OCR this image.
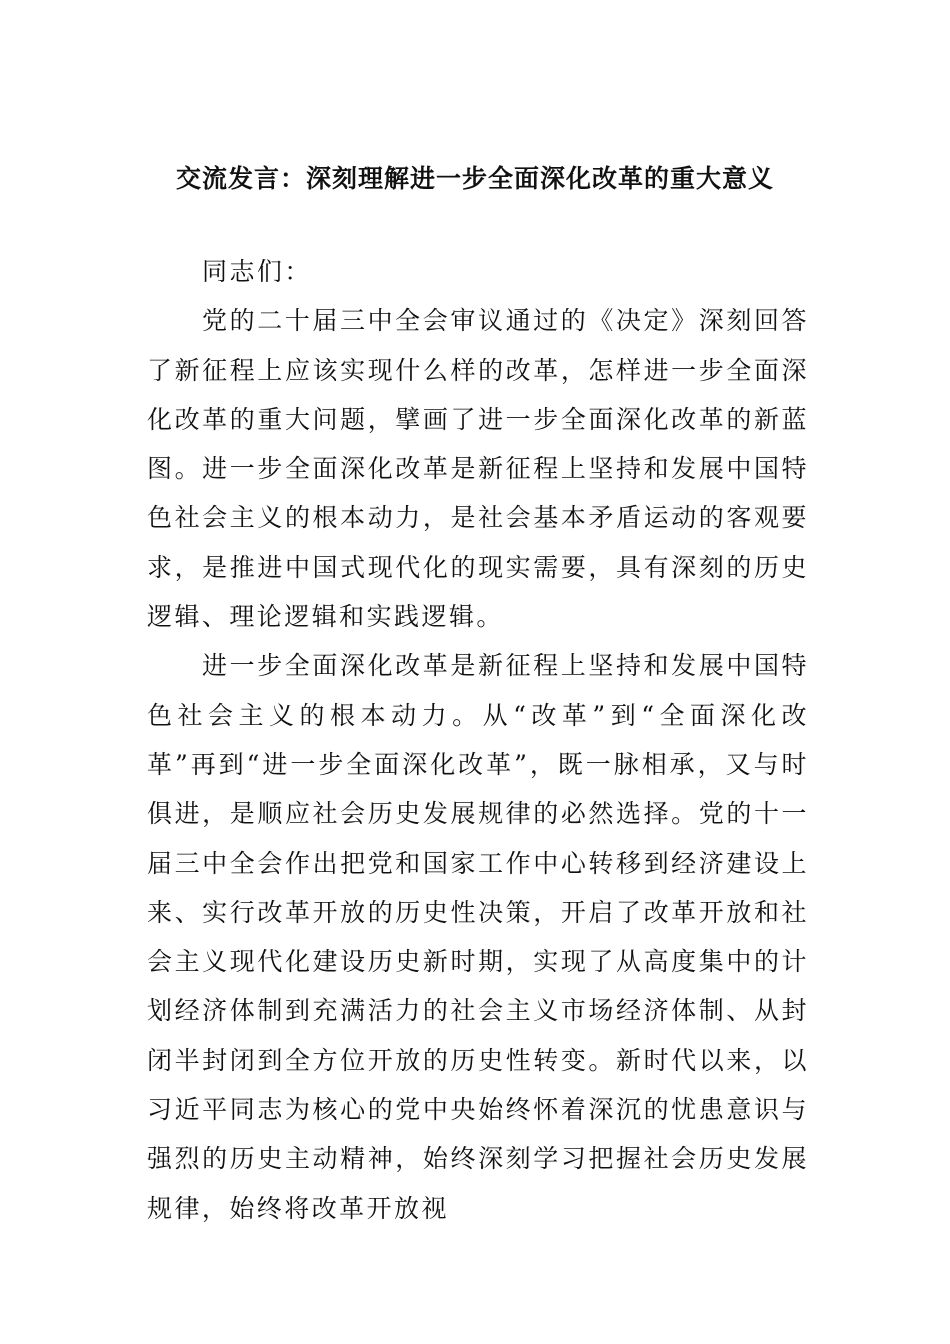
交流发言：深刻理解进一步全面深化改革的重大意义

同志们：

党的二十届三中全会审议通过的《决定》深刻回答了新征程上应该实现什么样的改革，怎样进一步全面深化改革的重大问题，擘画了进一步全面深化改革的新蓝图。进一步全面深化改革是新征程上坚持和发展中国特色社会主义的根本动力，是社会基本矛盾运动的客观要求，是推进中国式现代化的现实需要，具有深刻的历史逻辑、理论逻辑和实践逻辑。

进一步全面深化改革是新征程上坚持和发展中国特色社会主义的根本动力。从“改革”到“全面深化改革”再到“进一步全面深化改革”，既一脉相承，又与时俱进，是顺应社会历史发展规律的必然选择。党的十一届三中全会作出把党和国家工作中心转移到经济建设上来、实行改革开放的历史性决策，开启了改革开放和社会主义现代化建设历史新时期，实现了从高度集中的计划经济体制到充满活力的社会主义市场经济体制、从封闭半封闭到全方位开放的历史性转变。新时代以来，以习近平同志为核心的党中央始终怀着深沉的忧患意识与强烈的历史主动精神，始终深刻学习把握社会历史发展规律，始终将改革开放视
